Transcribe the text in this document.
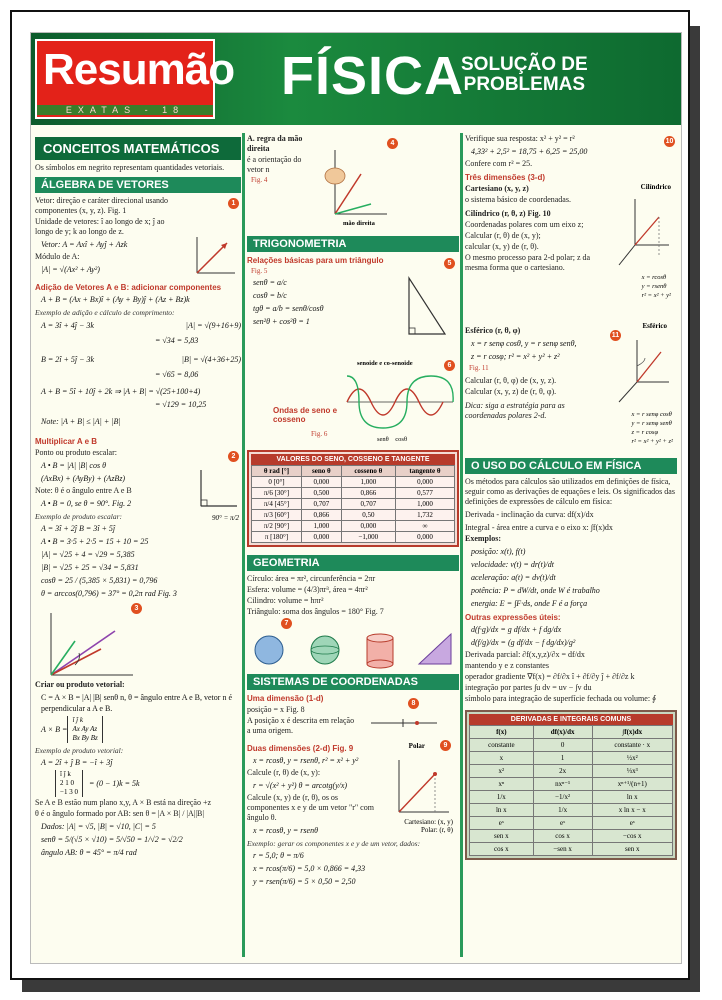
Resumão
EXATAS - 18
FÍSICA
SOLUÇÃO DE
PROBLEMAS
CONCEITOS MATEMÁTICOS
Os símbolos em negrito representam quantidades vetoriais.
ÁLGEBRA DE VETORES
Vetor: direção e caráter direcional usando componentes (x, y, z). Fig. 1
1
Unidade de vetores: î ao longo de x; ĵ ao longo de y; k ao longo de z.
Vetor: A = Axî + Ayĵ + Azk
Módulo de A:
|A| = √(Ax² + Ay²)
Adição de Vetores A e B: adicionar componentes
A + B = (Ax + Bx)î + (Ay + By)ĵ + (Az + Bz)k
Exemplo de adição e cálculo de comprimento:
A = 3î + 4ĵ − 3k	|A| = √(9+16+9)
= √34 = 5,83
B = 2î + 5ĵ − 3k	|B| = √(4+36+25)
= √65 = 8,06
A + B = 5î + 10ĵ + 2k ⇒ |A + B| = √(25+100+4)
= √129 = 10,25
Note: |A + B| ≤ |A| + |B|
Multiplicar A e B
2
Ponto ou produto escalar:
A • B = |A| |B| cos θ
(AxBx) + (AyBy) + (AzBz)
Note: θ é o ângulo entre A e B
A • B = 0, se θ = 90°. Fig. 2
Exemplo de produto escalar:
A = 3î + 2ĵ B = 3î + 5ĵ
A • B = 3·5 + 2·5 = 15 + 10 = 25
|A| = √25 + 4 = √29 = 5,385
|B| = √25 + 25 = √34 = 5,831
cosθ = 25 / (5,385 × 5,831) = 0,796
θ = arccos(0,796) = 37° = 0,2π rad Fig. 3
90° = π/2
3
Criar ou produto vetorial:
C = A × B = |A| |B| senθ n, θ = ângulo entre A e B, vetor n é perpendicular a A e B.
A × B =
î ĵ k
Ax Ay Az
Bx By Bz
Exemplo de produto vetorial:
A = 2î + ĵ B = −î + 3ĵ
î ĵ k
2 1 0
−1 3 0
= (0 − 1)k = 5k
Se A e B estão num plano x,y, A × B está na direção +z
θ é o ângulo formado por AB: sen θ = |A × B| / |A||B|
Dados: |A| = √5, |B| = √10, |C| = 5
senθ = 5/(√5 × √10) = 5/√50 = 1/√2 = √2/2
ângulo AB: θ = 45° = π/4 rad
A. regra da mão direita
é a orientação do vetor n
Fig. 4
4
mão direita
TRIGONOMETRIA
Relações básicas para um triângulo
Fig. 5
5
senθ = a/c
cosθ = b/c
tgθ = a/b = senθ/cosθ
sen²θ + cos²θ = 1
senoide e co-senoide	6
Ondas de seno e cosseno
Fig. 6
senθ cosθ
VALORES DO SENO, COSSENO E TANGENTE
θ rad [°]	seno θ	cosseno θ	tangente θ
0 [0°]	0,000	1,000	0,000
π/6 [30°]	0,500	0,866	0,577
π/4 [45°]	0,707	0,707	1,000
π/3 [60°]	0,866	0,50	1,732
π/2 [90°]	1,000	0,000	∞
π [180°]	0,000	−1,000	0,000
GEOMETRIA
Círculo: área = πr², circunferência = 2πr
Esfera: volume = (4/3)πr³, área = 4πr²
Cilindro: volume = hπr²
Triângulo: soma dos ângulos = 180° Fig. 7
7
SISTEMAS DE COORDENADAS
Uma dimensão (1-d)
posição = x Fig. 8
A posição x é descrita em relação a uma origem.
8
Duas dimensões (2-d) Fig. 9
x = rcosθ, y = rsenθ, r² = x² + y²
Calcule (r, θ) de (x, y):
r = √(x² + y²) θ = arcotg(y/x)
Calcule (x, y) de (r, θ), os os componentes x e y de um vetor "r" com ângulo θ.
x = rcosθ, y = rsenθ
Polar	9
Cartesiano: (x, y)
Polar: (r, θ)
Exemplo: gerar os componentes x e y de um vetor, dados:
r = 5,0; θ = π/6
x = rcos(π/6) = 5,0 × 0,866 = 4,33
y = rsen(π/6) = 5 × 0,50 = 2,50
Verifique sua resposta: x² + y² = r²
4,33² + 2,5² = 18,75 + 6,25 = 25,00
Confere com r² = 25.
10
Três dimensões (3-d)
Cartesiano (x, y, z)
o sistema básico de coordenadas.
Cilíndrico (r, θ, z) Fig. 10
Coordenadas polares com um eixo z;
Calcular (r, θ) de (x, y);
calcular (x, y) de (r, θ).
O mesmo processo para 2-d polar; z da mesma forma que o cartesiano.
Cilíndrico
x = rcosθ
y = rsenθ
r² = x² + y²
Esférico (r, θ, φ)
x = r senφ cosθ, y = r senφ senθ,
z = r cosφ; r² = x² + y² + z²
Fig. 11
Calcular (r, θ, φ) de (x, y, z).
Calcular (x, y, z) de (r, θ, φ).
Dica: siga a estratégia para as coordenadas polares 2-d.
Esférico
11
x = r senφ cosθ
y = r senφ senθ
z = r cosφ
r² = x² + y² + z²
O USO DO CÁLCULO EM FÍSICA
Os métodos para cálculos são utilizados em definições de física, seguir como as derivações de equações e leis. Os significados das definições de expressões de cálculo em física:
Derivada - inclinação da curva: df(x)/dx
Integral - área entre a curva e o eixo x: ∫f(x)dx
Exemplos:
posição: x(t), f(t)
velocidade: v(t) = dr(t)/dt
aceleração: a(t) = dv(t)/dt
potência: P = dW/dt, onde W é trabalho
energia: E = ∫F·ds, onde F é a força
Outras expressões úteis:
d(f·g)/dx = g df/dx + f dg/dx
d(f/g)/dx = (g df/dx − f dg/dx)/g²
Derivada parcial: ∂f(x,y,z)/∂x = df/dx
mantendo y e z constantes
operador gradiente ∇f(x) = ∂f/∂x î + ∂f/∂y ĵ + ∂f/∂z k
integração por partes ∫u dv = uv − ∫v du
símbolo para integração de superfície fechada ou volume: ∮
DERIVADAS E INTEGRAIS COMUNS
f(x)	df(x)/dx	∫f(x)dx
constante	0	constante · x
x	1	½x²
x²	2x	⅓x³
xⁿ	nxⁿ⁻¹	xⁿ⁺¹/(n+1)
1/x	−1/x²	ln x
ln x	1/x	x ln x − x
eˣ	eˣ	eˣ
sen x	cos x	−cos x
cos x	−sen x	sen x
